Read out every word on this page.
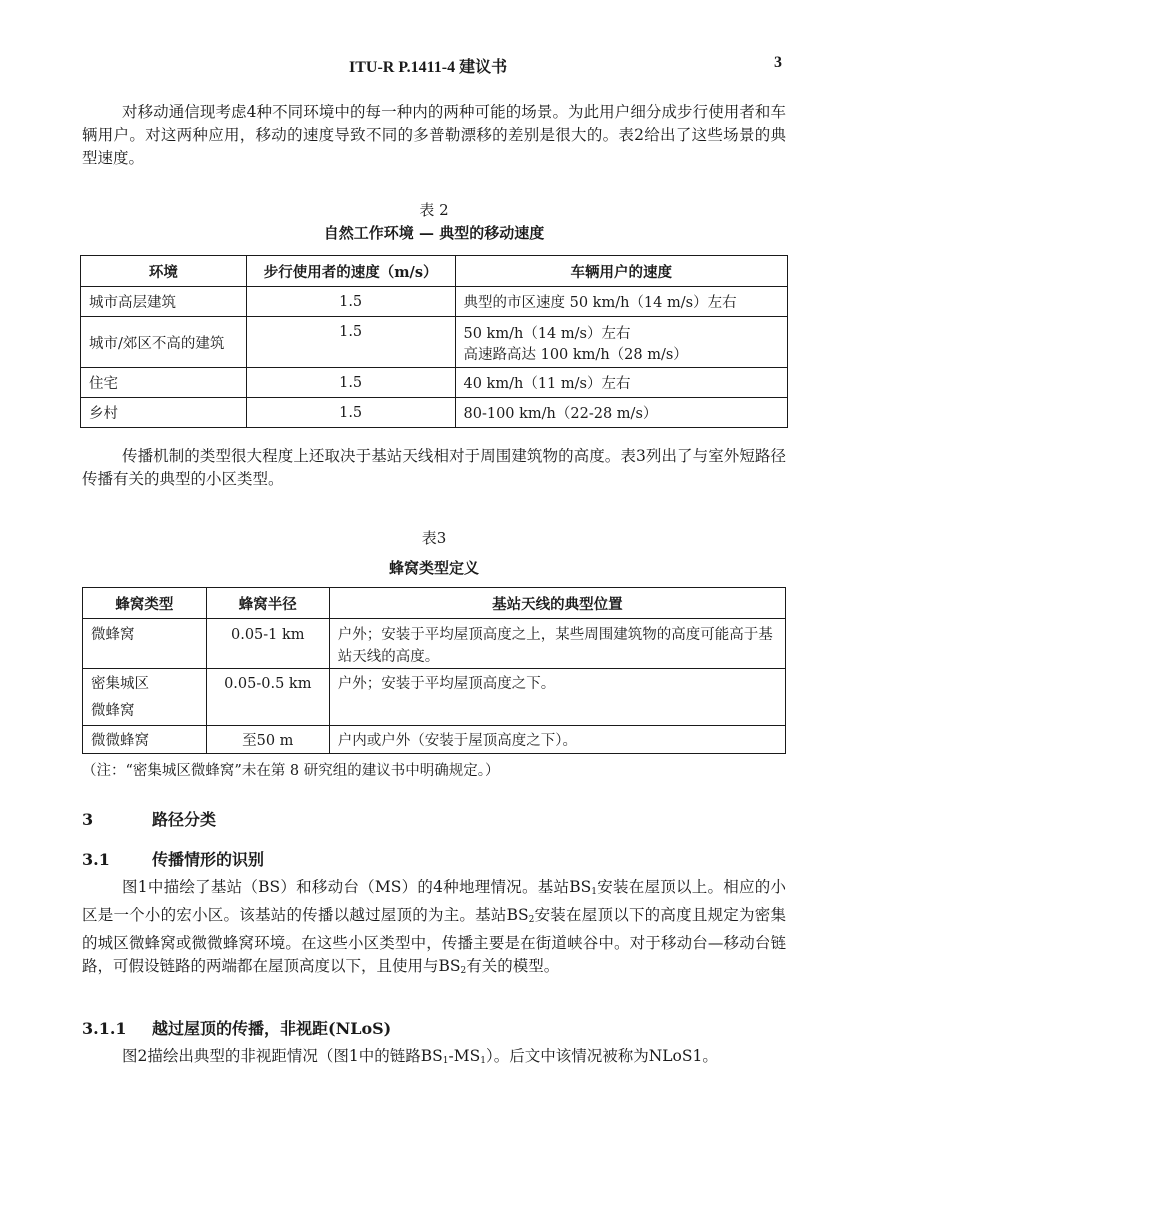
ITU-R P.1411-4 建议书	3
对移动通信现考虑4种不同环境中的每一种内的两种可能的场景。为此用户细分成步行使用者和车辆用户。对这两种应用，移动的速度导致不同的多普勒漂移的差别是很大的。表2给出了这些场景的典型速度。
表 2
自然工作环境 — 典型的移动速度
环境	步行使用者的速度（m/s）	车辆用户的速度
城市高层建筑	1.5	典型的市区速度 50 km/h（14 m/s）左右
城市/郊区不高的建筑	1.5	50 km/h（14 m/s）左右
高速路高达 100 km/h（28 m/s）

住宅	1.5	40 km/h（11 m/s）左右
乡村	1.5	80-100 km/h（22-28 m/s）
传播机制的类型很大程度上还取决于基站天线相对于周围建筑物的高度。表3列出了与室外短路径传播有关的典型的小区类型。
表3
蜂窝类型定义
蜂窝类型	蜂窝半径	基站天线的典型位置
微蜂窝	0.05-1 km	户外；安装于平均屋顶高度之上，某些周围建筑物的高度可能高于基站天线的高度。

密集城区
微蜂窝	0.05-0.5 km	户外；安装于平均屋顶高度之下。
微微蜂窝	至50 m	户内或户外（安装于屋顶高度之下）。
（注：“密集城区微蜂窝”未在第 8 研究组的建议书中明确规定。）
3	路径分类
3.1	传播情形的识别
图1中描绘了基站（BS）和移动台（MS）的4种地理情况。基站$BS_1$安装在屋顶以上。相应的小区是一个小的宏小区。该基站的传播以越过屋顶的为主。基站$BS_2$安装在屋顶以下的高度且规定为密集的城区微蜂窝或微微蜂窝环境。在这些小区类型中，传播主要是在街道峡谷中。对于移动台—移动台链路，可假设链路的两端都在屋顶高度以下，且使用与$BS_2$有关的模型。
3.1.1 越过屋顶的传播，非视距(NLoS)
图2描绘出典型的非视距情况（图1中的链路$BS_1-MS_1$）。后文中该情况被称为NLoS1。
